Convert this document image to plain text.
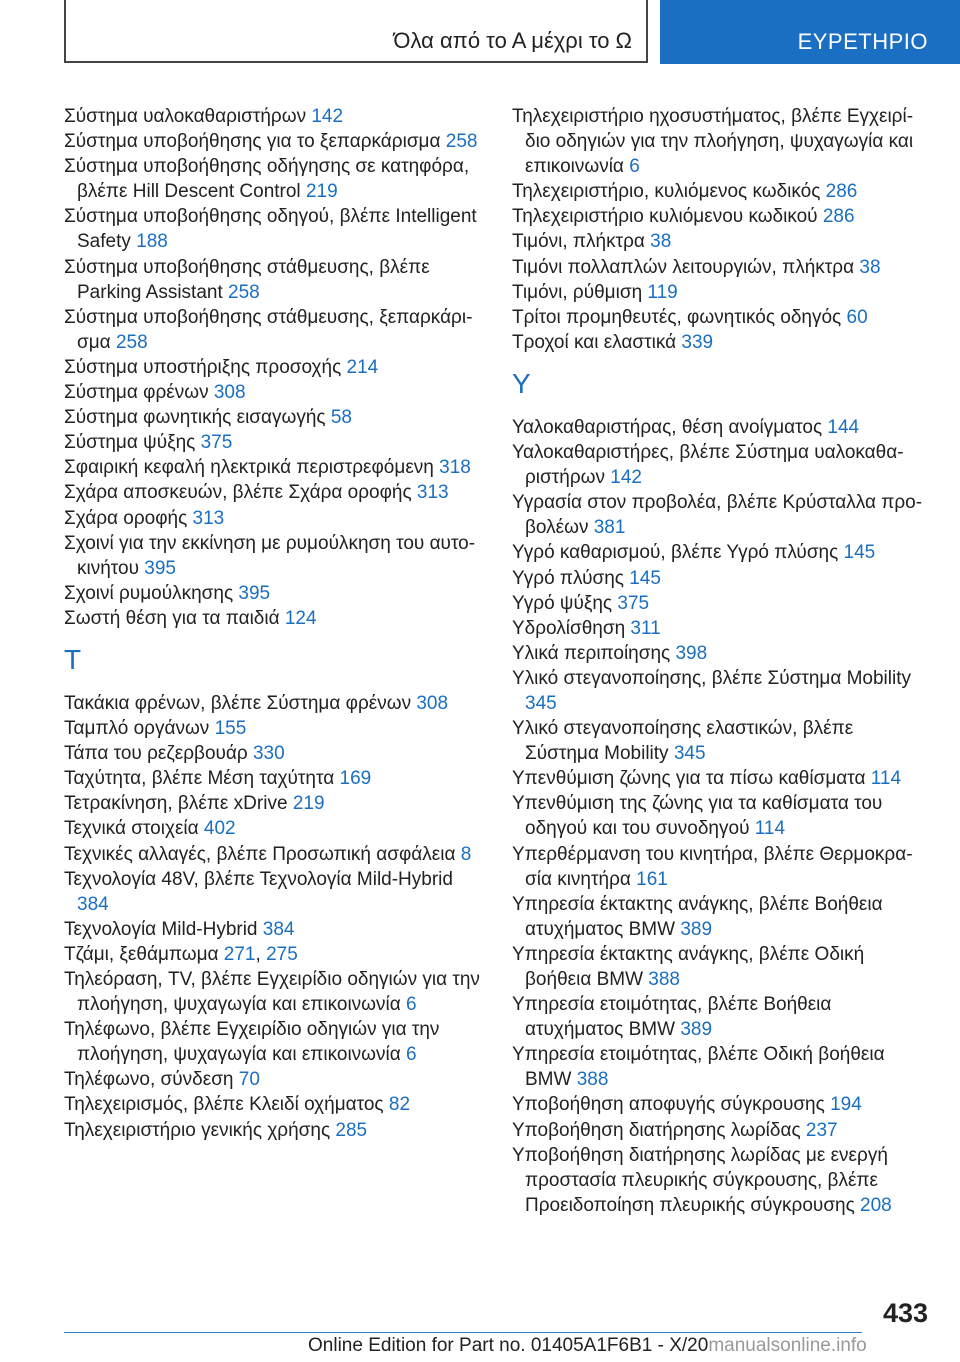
Όλα από το Α μέχρι το Ω	ΕΥΡΕΤΗΡΙΟ
Σύστημα υαλοκαθαριστήρων 142
Σύστημα υποβοήθησης για το ξεπαρκάρισμα 258
Σύστημα υποβοήθησης οδήγησης σε κατηφόρα, βλέπε Hill Descent Control 219
Σύστημα υποβοήθησης οδηγού, βλέπε Intelligent Safety 188
Σύστημα υποβοήθησης στάθμευσης, βλέπε Parking Assistant 258
Σύστημα υποβοήθησης στάθμευσης, ξεπαρκάρισμα 258
Σύστημα υποστήριξης προσοχής 214
Σύστημα φρένων 308
Σύστημα φωνητικής εισαγωγής 58
Σύστημα ψύξης 375
Σφαιρική κεφαλή ηλεκτρικά περιστρεφόμενη 318
Σχάρα αποσκευών, βλέπε Σχάρα οροφής 313
Σχάρα οροφής 313
Σχοινί για την εκκίνηση με ρυμούλκηση του αυτοκινήτου 395
Σχοινί ρυμούλκησης 395
Σωστή θέση για τα παιδιά 124
Τ
Τακάκια φρένων, βλέπε Σύστημα φρένων 308
Ταμπλό οργάνων 155
Τάπα του ρεζερβουάρ 330
Ταχύτητα, βλέπε Μέση ταχύτητα 169
Τετρακίνηση, βλέπε xDrive 219
Τεχνικά στοιχεία 402
Τεχνικές αλλαγές, βλέπε Προσωπική ασφάλεια 8
Τεχνολογία 48V, βλέπε Τεχνολογία Mild-Hybrid 384
Τεχνολογία Mild-Hybrid 384
Τζάμι, ξεθάμπωμα 271, 275
Τηλεόραση, TV, βλέπε Εγχειρίδιο οδηγιών για την πλοήγηση, ψυχαγωγία και επικοινωνία 6
Τηλέφωνο, βλέπε Εγχειρίδιο οδηγιών για την πλοήγηση, ψυχαγωγία και επικοινωνία 6
Τηλέφωνο, σύνδεση 70
Τηλεχειρισμός, βλέπε Κλειδί οχήματος 82
Τηλεχειριστήριο γενικής χρήσης 285
Τηλεχειριστήριο ηχοσυστήματος, βλέπε Εγχειρίδιο οδηγιών για την πλοήγηση, ψυχαγωγία και επικοινωνία 6
Τηλεχειριστήριο, κυλιόμενος κωδικός 286
Τηλεχειριστήριο κυλιόμενου κωδικού 286
Τιμόνι, πλήκτρα 38
Τιμόνι πολλαπλών λειτουργιών, πλήκτρα 38
Τιμόνι, ρύθμιση 119
Τρίτοι προμηθευτές, φωνητικός οδηγός 60
Τροχοί και ελαστικά 339
Υ
Υαλοκαθαριστήρας, θέση ανοίγματος 144
Υαλοκαθαριστήρες, βλέπε Σύστημα υαλοκαθαριστήρων 142
Υγρασία στον προβολέα, βλέπε Κρύσταλλα προβολέων 381
Υγρό καθαρισμού, βλέπε Υγρό πλύσης 145
Υγρό πλύσης 145
Υγρό ψύξης 375
Υδρολίσθηση 311
Υλικά περιποίησης 398
Υλικό στεγανοποίησης, βλέπε Σύστημα Mobility 345
Υλικό στεγανοποίησης ελαστικών, βλέπε Σύστημα Mobility 345
Υπενθύμιση ζώνης για τα πίσω καθίσματα 114
Υπενθύμιση της ζώνης για τα καθίσματα του οδηγού και του συνοδηγού 114
Υπερθέρμανση του κινητήρα, βλέπε Θερμοκρασία κινητήρα 161
Υπηρεσία έκτακτης ανάγκης, βλέπε Βοήθεια ατυχήματος BMW 389
Υπηρεσία έκτακτης ανάγκης, βλέπε Οδική βοήθεια BMW 388
Υπηρεσία ετοιμότητας, βλέπε Βοήθεια ατυχήματος BMW 389
Υπηρεσία ετοιμότητας, βλέπε Οδική βοήθεια BMW 388
Υποβοήθηση αποφυγής σύγκρουσης 194
Υποβοήθηση διατήρησης λωρίδας 237
Υποβοήθηση διατήρησης λωρίδας με ενεργή προστασία πλευρικής σύγκρουσης, βλέπε Προειδοποίηση πλευρικής σύγκρουσης 208
433
Online Edition for Part no. 01405A1F6B1 - X/20manualsonline.info
